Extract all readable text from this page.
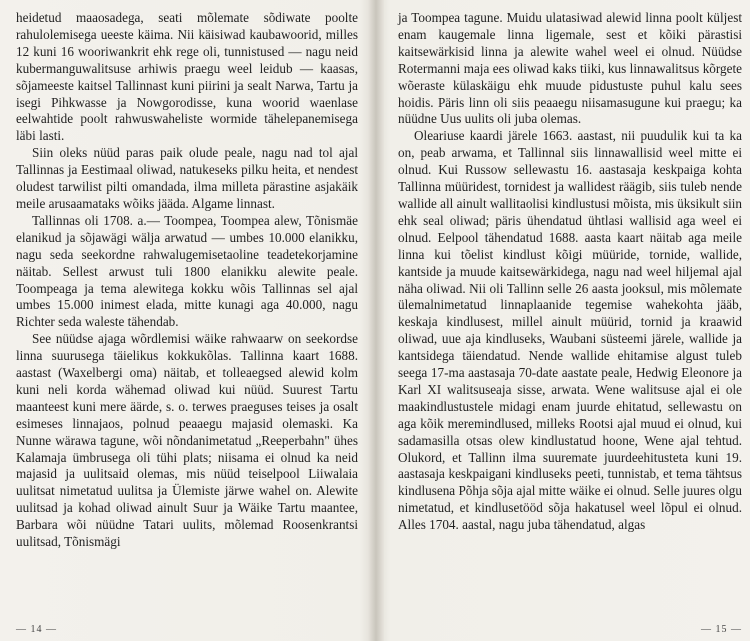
heidetud maaosadega, seati mõlemate sõdiwate poolte rahulolemisega ueeste käima. Nii käisiwad kaubawoorid, milles 12 kuni 16 wooriwankrit ehk rege oli, tunnistused — nagu neid kubermanguwalitsuse arhiwis praegu weel leidub — kaasas, sõjameeste kaitsel Tallinnast kuni piirini ja sealt Narwa, Tartu ja isegi Pihkwasse ja Nowgorodisse, kuna woorid waenlase eelwahtide poolt rahwuswaheliste wormide tähelepanemisega läbi lasti.

Siin oleks nüüd paras paik olude peale, nagu nad tol ajal Tallinnas ja Eestimaal oliwad, natukeseks pilku heita, et nendest oludest tarwilist pilti omandada, ilma milleta pärastine asjakäik meile arusaamataks wõiks jääda. Algame linnast.

Tallinnas oli 1708. a.— Toompea, Toompea alew, Tõnismäe elanikud ja sõjawägi wälja arwatud — umbes 10.000 elanikku, nagu seda seekordne rahwalugemisetaoline teadetekorjamine näitab. Sellest arwust tuli 1800 elanikku alewite peale. Toompeaga ja tema alewitega kokku wõis Tallinnas sel ajal umbes 15.000 inimest elada, mitte kunagi aga 40.000, nagu Richter seda waleste tähendab.

See nüüdse ajaga wõrdlemisi wäike rahwaarw on seekordse linna suurusega täielikus kokkukõlas. Tallinna kaart 1688. aastast (Waxelbergi oma) näitab, et tolleaegsed alewid kolm kuni neli korda wähemad oliwad kui nüüd. Suurest Tartu maanteest kuni mere äärde, s. o. terwes praeguses teises ja osalt esimeses linnajaos, polnud peaaegu majasid olemaski. Ka Nunne wärawa tagune, wõi nõndanimetatud „Reeperbahn" ühes Kalamaja ümbrusega oli tühi plats; niisama ei olnud ka neid majasid ja uulitsaid olemas, mis nüüd teiselpool Liiwalaia uulitsat nimetatud uulitsa ja Ülemiste järwe wahel on. Alewite uulitsad ja kohad oliwad ainult Suur ja Wäike Tartu maantee, Barbara wõi nüüdne Tatari uulits, mõlemad Roosenkrantsi uulitsad, Tõnismägi

— 14 —

ja Toompea tagune. Muidu ulatasiwad alewid linna poolt küljest enam kaugemale linna ligemale, sest et kõiki pärastisi kaitsewärkisid linna ja alewite wahel weel ei olnud. Nüüdse Rotermanni maja ees oliwad kaks tiiki, kus linnawalitsus kõrgete wõeraste külaskäigu ehk muude pidustuste puhul kalu sees hoidis. Päris linn oli siis peaaegu niisamasugune kui praegu; ka nüüdne Uus uulits oli juba olemas.

Oleariuse kaardi järele 1663. aastast, nii puudulik kui ta ka on, peab arwama, et Tallinnal siis linnawallisid weel mitte ei olnud. Kui Russow sellewastu 16. aastasaja keskpaiga kohta Tallinna müüridest, tornidest ja wallidest räägib, siis tuleb nende wallide all ainult wallitaolisi kindlustusi mõista, mis üksikult siin ehk seal oliwad; päris ühendatud ühtlasi wallisid aga weel ei olnud. Eelpool tähendatud 1688. aasta kaart näitab aga meile linna kui tõelist kindlust kõigi müüride, tornide, wallide, kantside ja muude kaitsewärkidega, nagu nad weel hiljemal ajal näha oliwad. Nii oli Tallinn selle 26 aasta jooksul, mis mõlemate ülemalnimetatud linnaplaanide tegemise wahekohta jääb, keskaja kindlusest, millel ainult müürid, tornid ja kraawid oliwad, uue aja kindluseks, Waubani süsteemi järele, wallide ja kantsidega täiendatud. Nende wallide ehitamise algust tuleb seega 17-ma aastasaja 70-date aastate peale, Hedwig Eleonore ja Karl XI walitsuseaja sisse, arwata. Wene walitsuse ajal ei ole maakindlustustele midagi enam juurde ehitatud, sellewastu on aga kõik meremindlused, milleks Rootsi ajal muud ei olnud, kui sadamasilla otsas olew kindlustatud hoone, Wene ajal tehtud. Olukord, et Tallinn ilma suuremate juurdeehitusteta kuni 19. aastasaja keskpaigani kindluseks peeti, tunnistab, et tema tähtsus kindlusena Põhja sõja ajal mitte wäike ei olnud. Selle juures olgu nimetatud, et kindlusetööd sõja hakatusel weel lõpul ei olnud. Alles 1704. aastal, nagu juba tähendatud, algas

— 15 —
